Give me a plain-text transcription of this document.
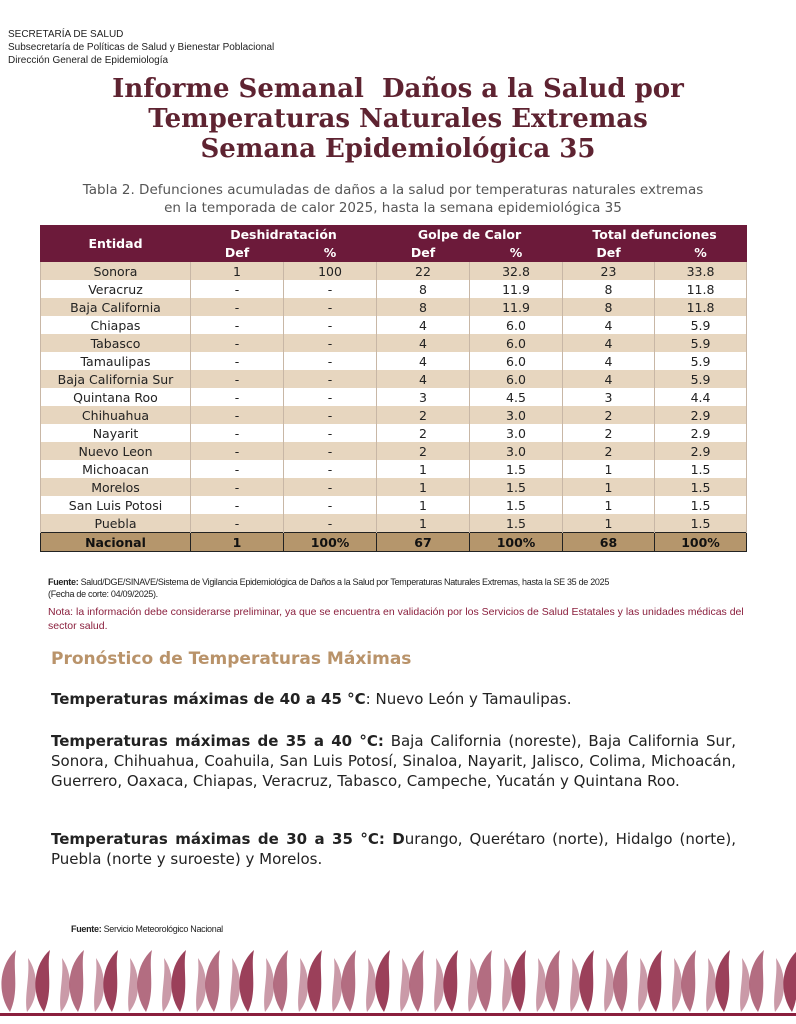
SECRETARÍA DE SALUD
Subsecretaría de Políticas de Salud y Bienestar Poblacional
Dirección General de Epidemiología
Informe Semanal  Daños a la Salud por
Temperaturas Naturales Extremas
Semana Epidemiológica 35
Tabla 2. Defunciones acumuladas de daños a la salud por temperaturas naturales extremas
en la temporada de calor 2025, hasta la semana epidemiológica 35
Entidad	Deshidratación		Golpe de Calor		Total defunciones	
	Def	%	Def	%	Def	%
Sonora	1	100	22	32.8	23	33.8
Veracruz	-	-	8	11.9	8	11.8
Baja California	-	-	8	11.9	8	11.8
Chiapas	-	-	4	6.0	4	5.9
Tabasco	-	-	4	6.0	4	5.9
Tamaulipas	-	-	4	6.0	4	5.9
Baja California Sur	-	-	4	6.0	4	5.9
Quintana Roo	-	-	3	4.5	3	4.4
Chihuahua	-	-	2	3.0	2	2.9
Nayarit	-	-	2	3.0	2	2.9
Nuevo Leon	-	-	2	3.0	2	2.9
Michoacan	-	-	1	1.5	1	1.5
Morelos	-	-	1	1.5	1	1.5
San Luis Potosi	-	-	1	1.5	1	1.5
Puebla	-	-	1	1.5	1	1.5
Nacional	1	100%	67	100%	68	100%
Fuente: Salud/DGE/SINAVE/Sistema de Vigilancia Epidemiológica de Daños a la Salud por Temperaturas Naturales Extremas, hasta la SE 35 de 2025
(Fecha de corte: 04/09/2025).
Nota: la información debe considerarse preliminar, ya que se encuentra en validación por los Servicios de Salud Estatales y las unidades médicas del sector salud.
Pronóstico de Temperaturas Máximas
Temperaturas máximas de 40 a 45 °C: Nuevo León y Tamaulipas.
Temperaturas máximas de 35 a 40 °C: Baja California (noreste), Baja California Sur, Sonora, Chihuahua, Coahuila, San Luis Potosí, Sinaloa, Nayarit, Jalisco, Colima, Michoacán, Guerrero, Oaxaca, Chiapas, Veracruz, Tabasco, Campeche, Yucatán y Quintana Roo.
Temperaturas máximas de 30 a 35 °C: Durango, Querétaro (norte), Hidalgo (norte), Puebla (norte y suroeste) y Morelos.
Fuente: Servicio Meteorológico Nacional
